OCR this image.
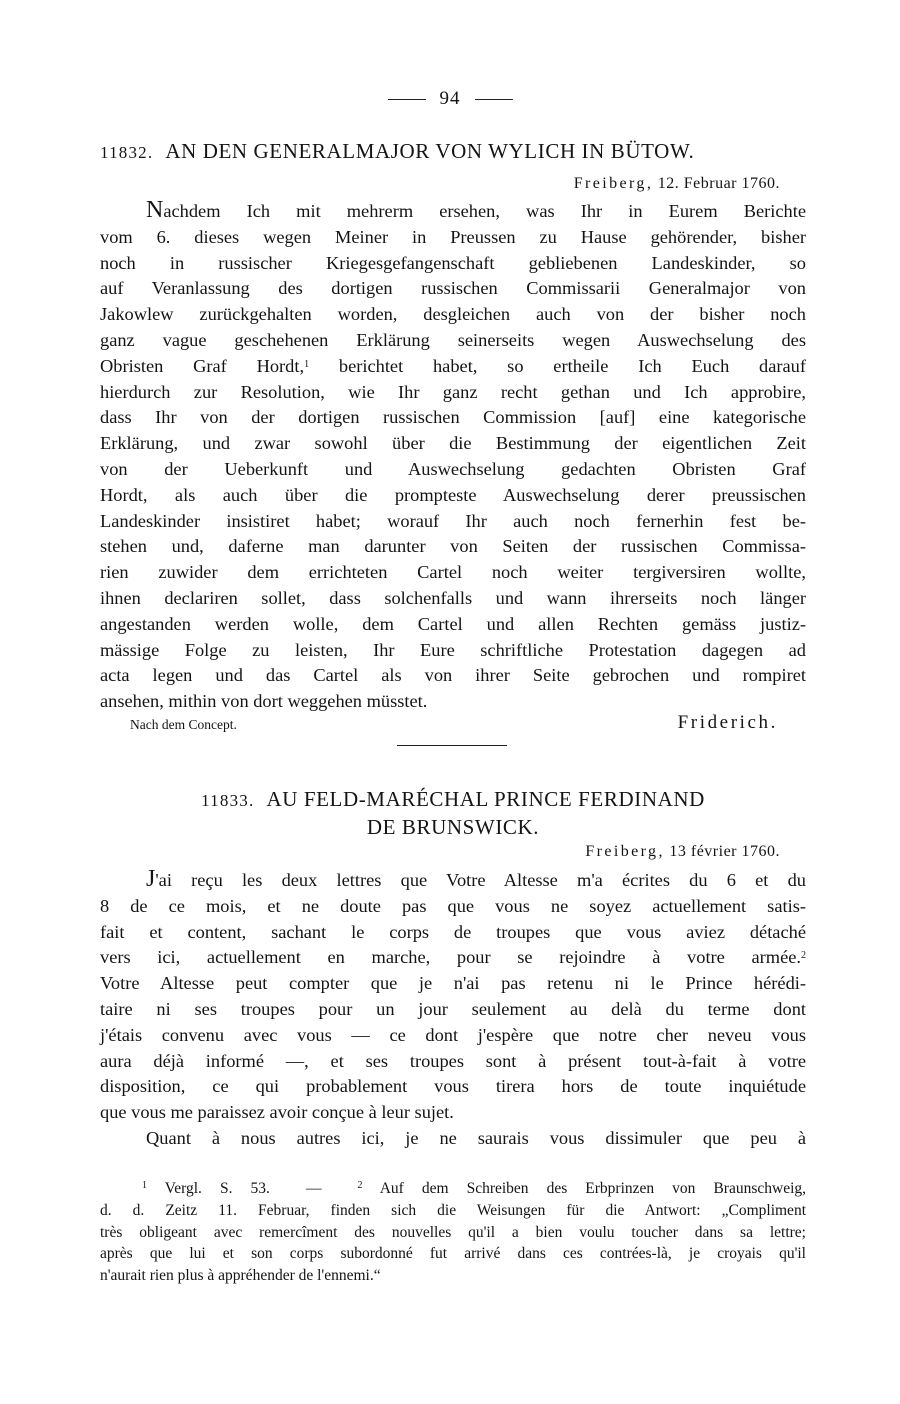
94
11832. AN DEN GENERALMAJOR VON WYLICH IN BÜTOW.
Freiberg, 12. Februar 1760.
Nachdem Ich mit mehrerm ersehen, was Ihr in Eurem Berichte
vom 6. dieses wegen Meiner in Preussen zu Hause gehörender, bisher
noch in russischer Kriegesgefangenschaft gebliebenen Landeskinder, so
auf Veranlassung des dortigen russischen Commissarii Generalmajor von
Jakowlew zurückgehalten worden, desgleichen auch von der bisher noch
ganz vague geschehenen Erklärung seinerseits wegen Auswechselung des
Obristen Graf Hordt,$^1$ berichtet habet, so ertheile Ich Euch darauf
hierdurch zur Resolution, wie Ihr ganz recht gethan und Ich approbire,
dass Ihr von der dortigen russischen Commission [auf] eine kategorische
Erklärung, und zwar sowohl über die Bestimmung der eigentlichen Zeit
von der Ueberkunft und Auswechselung gedachten Obristen Graf
Hordt, als auch über die prompteste Auswechselung derer preussischen
Landeskinder insistiret habet; worauf Ihr auch noch fernerhin fest be-
stehen und, daferne man darunter von Seiten der russischen Commissa-
rien zuwider dem errichteten Cartel noch weiter tergiversiren wollte,
ihnen declariren sollet, dass solchenfalls und wann ihrerseits noch länger
angestanden werden wolle, dem Cartel und allen Rechten gemäss justiz-
mässige Folge zu leisten, Ihr Eure schriftliche Protestation dagegen ad
acta legen und das Cartel als von ihrer Seite gebrochen und rompiret
ansehen, mithin von dort weggehen müsstet.
Nach dem Concept.	Friderich.
11833. AU FELD-MARÉCHAL PRINCE FERDINAND
DE BRUNSWICK.
Freiberg, 13 février 1760.
J'ai reçu les deux lettres que Votre Altesse m'a écrites du 6 et du
8 de ce mois, et ne doute pas que vous ne soyez actuellement satis-
fait et content, sachant le corps de troupes que vous aviez détaché
vers ici, actuellement en marche, pour se rejoindre à votre armée.$^2$
Votre Altesse peut compter que je n'ai pas retenu ni le Prince hérédi-
taire ni ses troupes pour un jour seulement au delà du terme dont
j'étais convenu avec vous — ce dont j'espère que notre cher neveu vous
aura déjà informé —, et ses troupes sont à présent tout-à-fait à votre
disposition, ce qui probablement vous tirera hors de toute inquiétude
que vous me paraissez avoir conçue à leur sujet.
Quant à nous autres ici, je ne saurais vous dissimuler que peu à
$^1$ Vergl. S. 53. —	$^2$ Auf dem Schreiben des Erbprinzen von Braunschweig,
d. d. Zeitz 11. Februar, finden sich die Weisungen für die Antwort: „Compliment
très obligeant avec remercîment des nouvelles qu'il a bien voulu toucher dans sa lettre;
après que lui et son corps subordonné fut arrivé dans ces contrées-là, je croyais qu'il
n'aurait rien plus à appréhender de l'ennemi.“
